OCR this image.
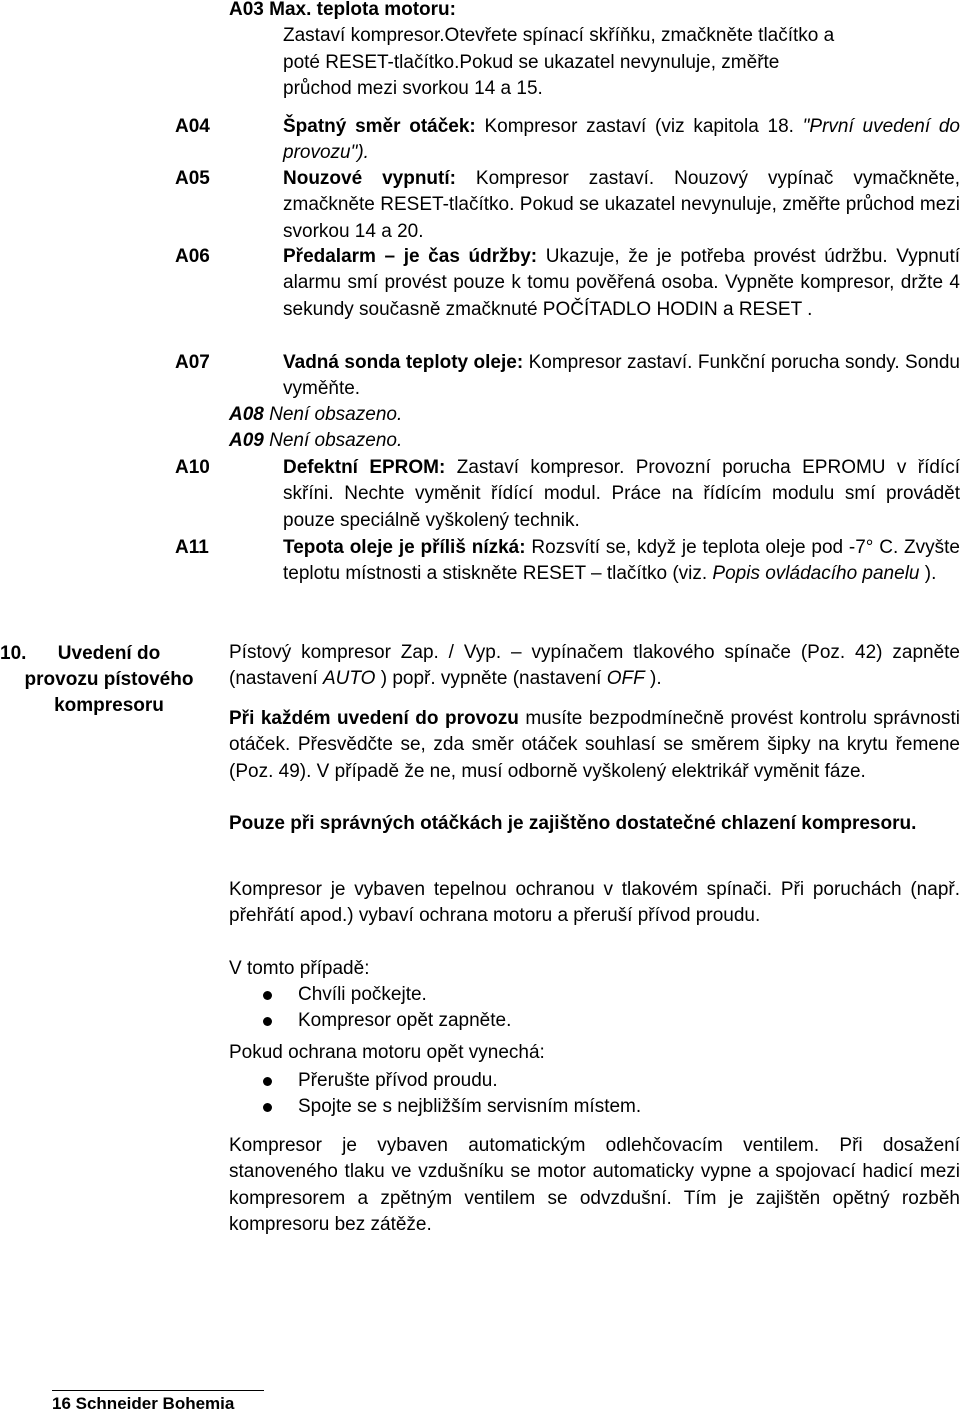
A03 Max. teplota motoru:
Zastaví kompresor.Otevřete spínací skříňku, zmačkněte tlačítko a
poté RESET-tlačítko.Pokud se ukazatel nevynuluje, změřte
průchod mezi svorkou 14 a 15.
A04	Špatný směr otáček: Kompresor zastaví (viz kapitola 18. "První uvedení do provozu").
A05	Nouzové vypnutí: Kompresor zastaví. Nouzový vypínač vymačkněte, zmačkněte RESET-tlačítko. Pokud se ukazatel nevynuluje, změřte průchod mezi svorkou 14 a 20.
A06	Předalarm – je čas údržby: Ukazuje, že je potřeba provést údržbu. Vypnutí alarmu smí provést pouze k tomu pověřená osoba. Vypněte kompresor, držte 4 sekundy současně zmačknuté POČÍTADLO HODIN a RESET .
A07	Vadná sonda teploty oleje: Kompresor zastaví. Funkční porucha sondy. Sondu vyměňte.
A08 Není obsazeno.
A09 Není obsazeno.
A10	Defektní EPROM: Zastaví kompresor. Provozní porucha EPROMU v řídící skříni. Nechte vyměnit řídící modul. Práce na řídícím modulu smí provádět pouze speciálně vyškolený technik.
A11	Tepota oleje je příliš nízká: Rozsvítí se, když je teplota oleje pod -7° C. Zvyšte teplotu místnosti a stiskněte RESET – tlačítko (viz. Popis ovládacího panelu ).
10. Uvedení do provozu pístového kompresoru
Pístový kompresor Zap. / Vyp. – vypínačem tlakového spínače (Poz. 42) zapněte (nastavení AUTO ) popř. vypněte (nastavení OFF ).
Při každém uvedení do provozu musíte bezpodmínečně provést kontrolu správnosti otáček. Přesvědčte se, zda směr otáček souhlasí se směrem šipky na krytu řemene (Poz. 49). V případě že ne, musí odborně vyškolený elektrikář vyměnit fáze.
Pouze při správných otáčkách je zajištěno dostatečné chlazení kompresoru.
Kompresor je vybaven tepelnou ochranou v tlakovém spínači. Při poruchách (např. přehřátí apod.) vybaví ochrana motoru a přeruší přívod proudu.
V tomto případě:
Chvíli počkejte.
Kompresor opět zapněte.
Pokud ochrana motoru opět vynechá:
Přerušte přívod proudu.
Spojte se s nejbližším servisním místem.
Kompresor je vybaven automatickým odlehčovacím ventilem. Při dosažení stanoveného tlaku ve vzdušníku se motor automaticky vypne a spojovací hadicí mezi kompresorem a zpětným ventilem se odvzdušní. Tím je zajištěn opětný rozběh kompresoru bez zátěže.
16 Schneider Bohemia
